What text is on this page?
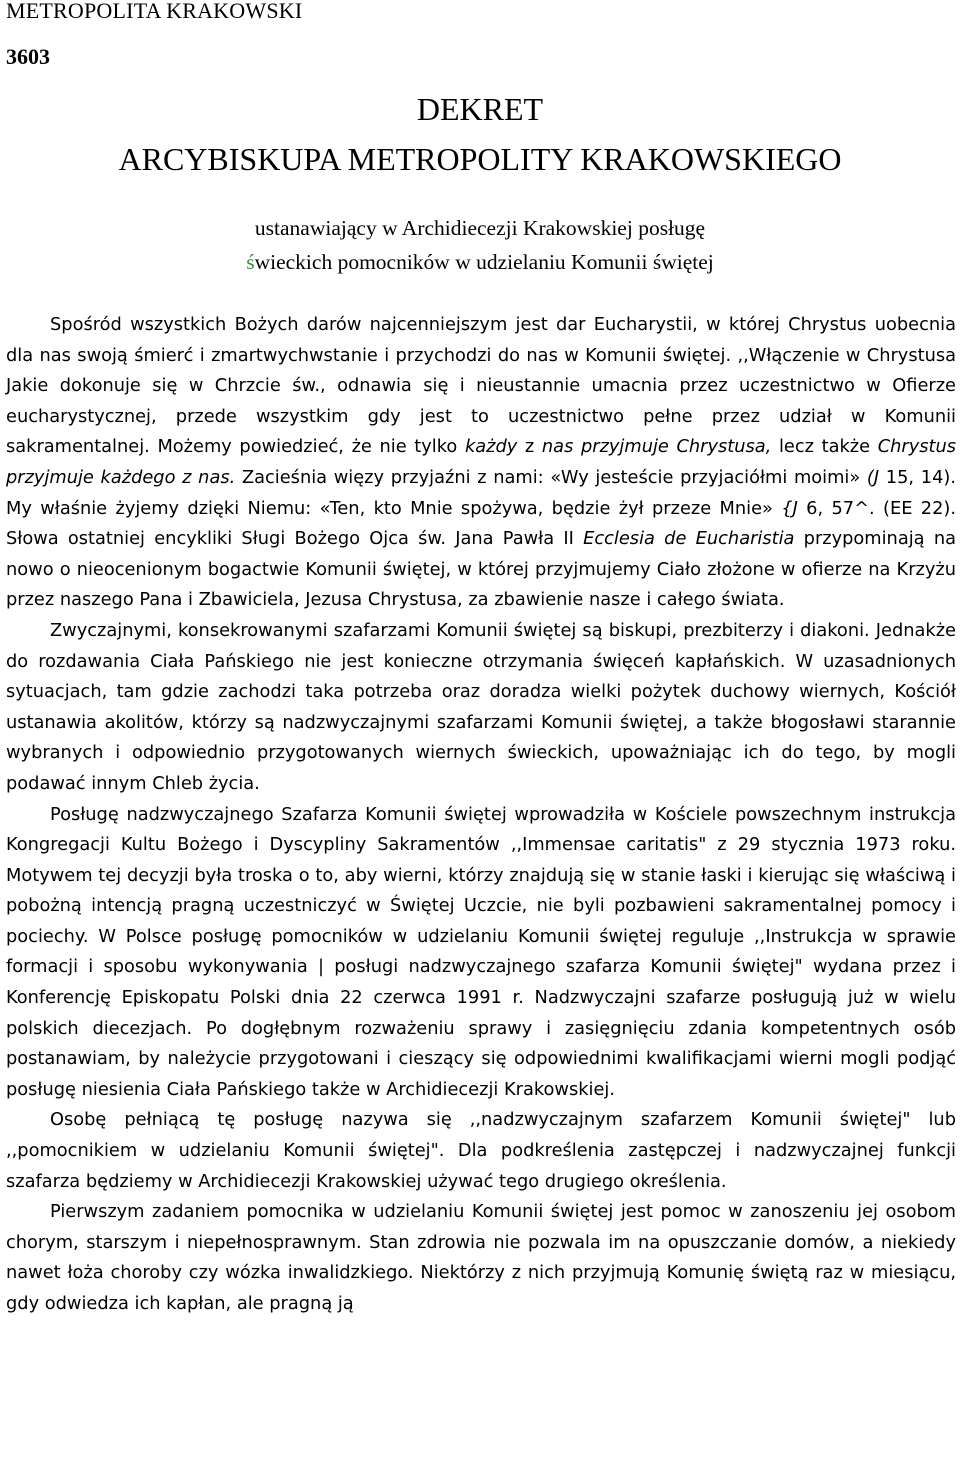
METROPOLITA KRAKOWSKI
3603
DEKRET
ARCYBISKUPA METROPOLITY KRAKOWSKIEGO
ustanawiający w Archidiecezji Krakowskiej posługę
świeckich pomocników w udzielaniu Komunii świętej

Spośród wszystkich Bożych darów najcenniejszym jest dar Eucharystii, w której Chrystus uobecnia dla nas swoją śmierć i zmartwychwstanie i przychodzi do nas w Komunii świętej. ,,Włączenie w Chrystusa Jakie dokonuje się w Chrzcie św., odnawia się i nieustannie umacnia przez uczestnictwo w Ofierze eucharystycznej, przede wszystkim gdy jest to uczestnictwo pełne przez udział w Komunii sakramentalnej. Możemy powiedzieć, że nie tylko każdy z nas przyjmuje Chrystusa, lecz także Chrystus przyjmuje każdego z nas. Zacieśnia więzy przyjaźni z nami: «Wy jesteście przyjaciółmi moimi» (J 15, 14). My właśnie żyjemy dzięki Niemu: «Ten, kto Mnie spożywa, będzie żył przeze Mnie» {J 6, 57^. (EE 22). Słowa ostatniej encykliki Sługi Bożego Ojca św. Jana Pawła II Ecclesia de Eucharistia przypominają na nowo o nieocenionym bogactwie Komunii świętej, w której przyjmujemy Ciało złożone w ofierze na Krzyżu przez naszego Pana i Zbawiciela, Jezusa Chrystusa, za zbawienie nasze i całego świata.

Zwyczajnymi, konsekrowanymi szafarzami Komunii świętej są biskupi, prezbiterzy i diakoni. Jednakże do rozdawania Ciała Pańskiego nie jest konieczne otrzymania święceń kapłańskich. W uzasadnionych sytuacjach, tam gdzie zachodzi taka potrzeba oraz doradza wielki pożytek duchowy wiernych, Kościół ustanawia akolitów, którzy są nadzwyczajnymi szafarzami Komunii świętej, a także błogosławi starannie wybranych i odpowiednio przygotowanych wiernych świeckich, upoważniając ich do tego, by mogli podawać innym Chleb życia.

Posługę nadzwyczajnego Szafarza Komunii świętej wprowadziła w Kościele powszechnym instrukcja Kongregacji Kultu Bożego i Dyscypliny Sakramentów ,,Immensae caritatis" z 29 stycznia 1973 roku. Motywem tej decyzji była troska o to, aby wierni, którzy znajdują się w stanie łaski i kierując się właściwą i pobożną intencją pragną uczestniczyć w Świętej Uczcie, nie byli pozbawieni sakramentalnej pomocy i pociechy. W Polsce posługę pomocników w udzielaniu Komunii świętej reguluje ,,Instrukcja w sprawie formacji i sposobu wykonywania | posługi nadzwyczajnego szafarza Komunii świętej" wydana przez i Konferencję Episkopatu Polski dnia 22 czerwca 1991 r. Nadzwyczajni szafarze posługują już w wielu polskich diecezjach. Po dogłębnym rozważeniu sprawy i zasięgnięciu zdania kompetentnych osób postanawiam, by należycie przygotowani i cieszący się odpowiednimi kwalifikacjami wierni mogli podjąć posługę niesienia Ciała Pańskiego także w Archidiecezji Krakowskiej.

Osobę pełniącą tę posługę nazywa się ,,nadzwyczajnym szafarzem Komunii świętej" lub ,,pomocnikiem w udzielaniu Komunii świętej". Dla podkreślenia zastępczej i nadzwyczajnej funkcji szafarza będziemy w Archidiecezji Krakowskiej używać tego drugiego określenia.

Pierwszym zadaniem pomocnika w udzielaniu Komunii świętej jest pomoc w zanoszeniu jej osobom chorym, starszym i niepełnosprawnym. Stan zdrowia nie pozwala im na opuszczanie domów, a niekiedy nawet łoża choroby czy wózka inwalidzkiego. Niektórzy z nich przyjmują Komunię świętą raz w miesiącu, gdy odwiedza ich kapłan, ale pragną ją
